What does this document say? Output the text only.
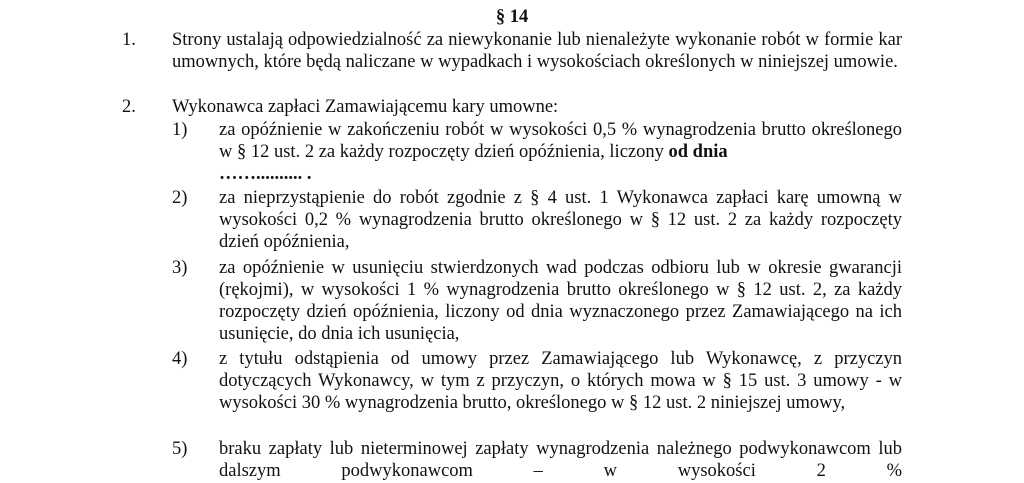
§ 14
1. Strony ustalają odpowiedzialność za niewykonanie lub nienależyte wykonanie robót w formie kar umownych, które będą naliczane w wypadkach i wysokościach określonych w niniejszej umowie.
2. Wykonawca zapłaci Zamawiającemu kary umowne:
1) za opóźnienie w zakończeniu robót w wysokości 0,5 % wynagrodzenia brutto określonego w § 12 ust. 2 za każdy rozpoczęty dzień opóźnienia, liczony od dnia
…….......... .
2) za nieprzystąpienie do robót zgodnie z § 4 ust. 1 Wykonawca zapłaci karę umowną w wysokości 0,2 % wynagrodzenia brutto określonego w § 12 ust. 2 za każdy rozpoczęty dzień opóźnienia,
3) za opóźnienie w usunięciu stwierdzonych wad podczas odbioru lub w okresie gwarancji (rękojmi), w wysokości 1 % wynagrodzenia brutto określonego w § 12 ust. 2, za każdy rozpoczęty dzień opóźnienia, liczony od dnia wyznaczonego przez Zamawiającego na ich usunięcie, do dnia ich usunięcia,
4) z tytułu odstąpienia od umowy przez Zamawiającego lub Wykonawcę, z przyczyn dotyczących Wykonawcy, w tym z przyczyn, o których mowa w § 15 ust. 3 umowy - w wysokości 30 % wynagrodzenia brutto, określonego w § 12 ust. 2 niniejszej umowy,
5) braku zapłaty lub nieterminowej zapłaty wynagrodzenia należnego podwykonawcom lub dalszym podwykonawcom – w wysokości 2 %
